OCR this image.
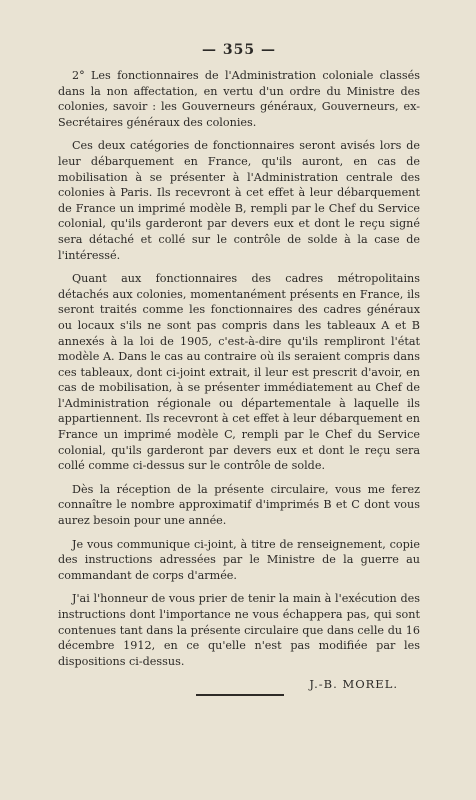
— 355 —

2° Les fonctionnaires de l'Administration coloniale classés dans la non affectation, en vertu d'un ordre du Ministre des colonies, savoir : les Gouverneurs généraux, Gouverneurs, ex-Secrétaires généraux des colonies.

Ces deux catégories de fonctionnaires seront avisés lors de leur débarquement en France, qu'ils auront, en cas de mobilisation à se présenter à l'Administration centrale des colonies à Paris. Ils recevront à cet effet à leur débarquement de France un imprimé modèle B, rempli par le Chef du Service colonial, qu'ils garderont par devers eux et dont le reçu signé sera détaché et collé sur le contrôle de solde à la case de l'intéressé.

Quant aux fonctionnaires des cadres métropolitains détachés aux colonies, momentanément présents en France, ils seront traités comme les fonctionnaires des cadres généraux ou locaux s'ils ne sont pas compris dans les tableaux A et B annexés à la loi de 1905, c'est-à-dire qu'ils rempliront l'état modèle A. Dans le cas au contraire où ils seraient compris dans ces tableaux, dont ci-joint extrait, il leur est prescrit d'avoir, en cas de mobilisation, à se présenter immédiatement au Chef de l'Administration régionale ou départementale à laquelle ils appartiennent. Ils recevront à cet effet à leur débarquement en France un imprimé modèle C, rempli par le Chef du Service colonial, qu'ils garderont par devers eux et dont le reçu sera collé comme ci-dessus sur le contrôle de solde.

Dès la réception de la présente circulaire, vous me ferez connaître le nombre approximatif d'imprimés B et C dont vous aurez besoin pour une année.

Je vous communique ci-joint, à titre de renseignement, copie des instructions adressées par le Ministre de la guerre au commandant de corps d'armée.

J'ai l'honneur de vous prier de tenir la main à l'exécution des instructions dont l'importance ne vous échappera pas, qui sont contenues tant dans la présente circulaire que dans celle du 16 décembre 1912, en ce qu'elle n'est pas modifiée par les dispositions ci-dessus.

J.-B. MOREL.
